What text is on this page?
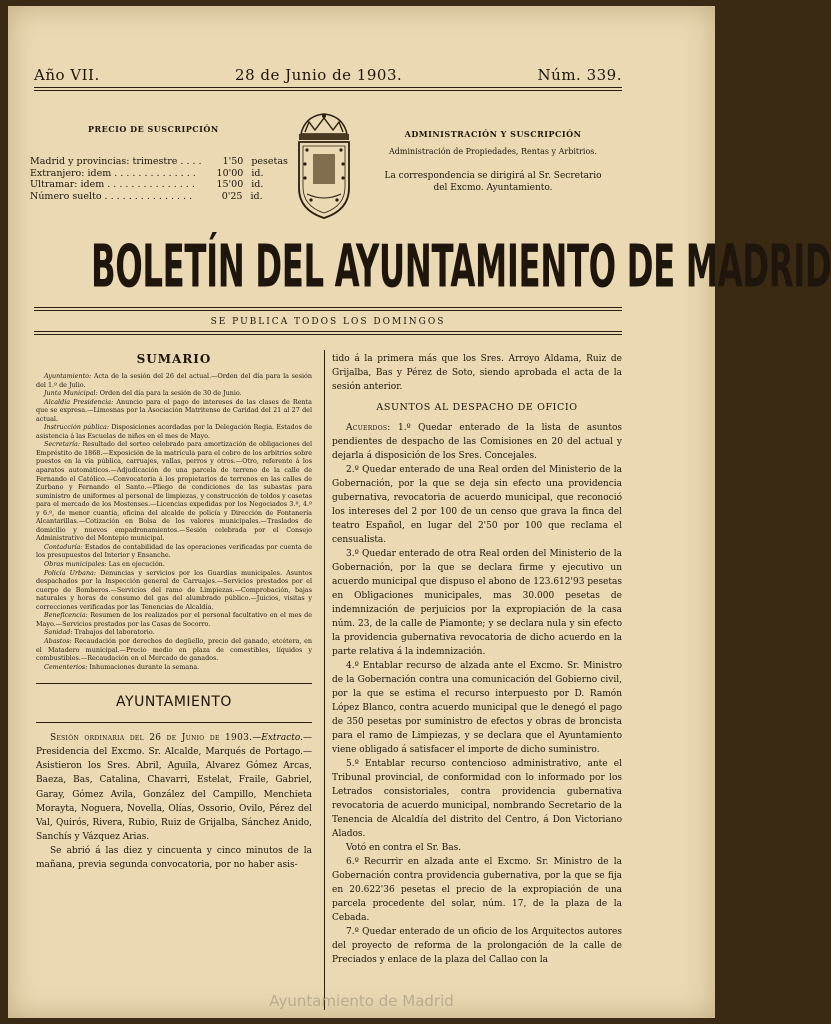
Año VII.	28 de Junio de 1903.	Núm. 339.
PRECIO DE SUSCRIPCIÓN
Madrid y provincias: trimestre . . . .	1'50 pesetas
Extranjero: idem . . . . . . . . . . . . . .	10'00 id.
Ultramar: idem . . . . . . . . . . . . . . .	15'00 id.
Número suelto . . . . . . . . . . . . . . .	0'25 id.
ADMINISTRACIÓN Y SUSCRIPCIÓN
Administración de Propiedades, Rentas y Arbitrios.
La correspondencia se dirigirá al Sr. Secretario
del Excmo. Ayuntamiento.
BOLETÍN DEL AYUNTAMIENTO DE MADRID
SE PUBLICA TODOS LOS DOMINGOS
SUMARIO

Ayuntamiento: Acta de la sesión del 26 del actual.—Orden del día para la sesión del 1.º de Julio.

Junta Municipal: Orden del día para la sesión de 30 de Junio.

Alcaldía Presidencia: Anuncio para el pago de intereses de las clases de Renta que se expresa.—Limosnas por la Asociación Matritense de Caridad del 21 al 27 del actual.

Instrucción pública: Disposiciones acordadas por la Delegación Regia. Estados de asistencia á las Escuelas de niños en el mes de Mayo.

Secretaría: Resultado del sorteo celebrado para amortización de obligaciones del Empréstito de 1868.—Exposición de la matrícula para el cobro de los arbitrios sobre puestos en la vía pública, carruajes, vallas, perros y otros.—Otro, referente á los aparatos automáticos.—Adjudicación de una parcela de terreno de la calle de Fernando el Católico.—Convocatoria á los propietarios de terrenos en las calles de Zurbano y Fernando el Santo.—Pliego de condiciones de las subastas para suministro de uniformes al personal de limpiezas, y construcción de toldos y casetas para el mercado de los Mostenses.—Licencias expedidas por los Negociados 3.º, 4.º y 6.º, de menor cuantía, oficina del alcalde de policía y Dirección de Fontanería Alcantarillas.—Cotización en Bolsa de los valores municipales.—Traslados de domicilio y nuevos empadronamientos.—Sesión celebrada por el Consejo Administrativo del Montepío municipal.

Contaduría: Estados de contabilidad de las operaciones verificadas por cuenta de los presupuestos del Interior y Ensanche.

Obras municipales: Las en ejecución.

Policía Urbana: Denuncias y servicios por los Guardias municipales. Asuntos despachados por la Inspección general de Carruajes.—Servicios prestados por el cuerpo de Bomberos.—Servicios del ramo de Limpiezas.—Comprobación, bajas naturales y horas de consumo del gas del alumbrado público.—Juicios, visitas y correcciones verificadas por las Tenencias de Alcaldía.

Beneficencia: Resumen de los realizados por el personal facultativo en el mes de Mayo.—Servicios prestados por las Casas de Socorro.

Sanidad: Trabajos del laboratorio.

Abastos: Recaudación por derechos de degüello, precio del ganado, etcétera, en el Matadero municipal.—Precio medio en plaza de comestibles, líquidos y combustibles.—Recaudación en el Mercado de ganados.

Cementerios: Inhumaciones durante la semana.

AYUNTAMIENTO

Sesión ordinaria del 26 de Junio de 1903.—Extracto.—Presidencia del Excmo. Sr. Alcalde, Marqués de Portago.—Asistieron los Sres. Abril, Aguila, Alvarez Gómez Arcas, Baeza, Bas, Catalina, Chavarri, Estelat, Fraile, Gabriel, Garay, Gómez Avila, González del Campillo, Menchieta Morayta, Noguera, Novella, Olías, Ossorio, Ovilo, Pérez del Val, Quirós, Rivera, Rubio, Ruiz de Grijalba, Sánchez Anido, Sanchís y Vázquez Arias.

Se abrió á las diez y cincuenta y cinco minutos de la mañana, previa segunda convocatoria, por no haber asis-

tido á la primera más que los Sres. Arroyo Aldama, Ruiz de Grijalba, Bas y Pérez de Soto, siendo aprobada el acta de la sesión anterior.

ASUNTOS AL DESPACHO DE OFICIO

Acuerdos: 1.º Quedar enterado de la lista de asuntos pendientes de despacho de las Comisiones en 20 del actual y dejarla á disposición de los Sres. Concejales.

2.º Quedar enterado de una Real orden del Ministerio de la Gobernación, por la que se deja sin efecto una providencia gubernativa, revocatoria de acuerdo municipal, que reconoció los intereses del 2 por 100 de un censo que grava la finca del teatro Español, en lugar del 2'50 por 100 que reclama el censualista.

3.º Quedar enterado de otra Real orden del Ministerio de la Gobernación, por la que se declara firme y ejecutivo un acuerdo municipal que dispuso el abono de 123.612'93 pesetas en Obligaciones municipales, mas 30.000 pesetas de indemnización de perjuicios por la expropiación de la casa núm. 23, de la calle de Piamonte; y se declara nula y sin efecto la providencia gubernativa revocatoria de dicho acuerdo en la parte relativa á la indemnización.

4.º Entablar recurso de alzada ante el Excmo. Sr. Ministro de la Gobernación contra una comunicación del Gobierno civil, por la que se estima el recurso interpuesto por D. Ramón López Blanco, contra acuerdo municipal que le denegó el pago de 350 pesetas por suministro de efectos y obras de broncista para el ramo de Limpiezas, y se declara que el Ayuntamiento viene obligado á satisfacer el importe de dicho suministro.

5.º Entablar recurso contencioso administrativo, ante el Tribunal provincial, de conformidad con lo informado por los Letrados consistoriales, contra providencia gubernativa revocatoria de acuerdo municipal, nombrando Secretario de la Tenencia de Alcaldía del distrito del Centro, á Don Victoriano Alados.

Votó en contra el Sr. Bas.

6.º Recurrir en alzada ante el Excmo. Sr. Ministro de la Gobernación contra providencia gubernativa, por la que se fija en 20.622'36 pesetas el precio de la expropiación de una parcela procedente del solar, núm. 17, de la plaza de la Cebada.

7.º Quedar enterado de un oficio de los Arquitectos autores del proyecto de reforma de la prolongación de la calle de Preciados y enlace de la plaza del Callao con la

Ayuntamiento de Madrid
